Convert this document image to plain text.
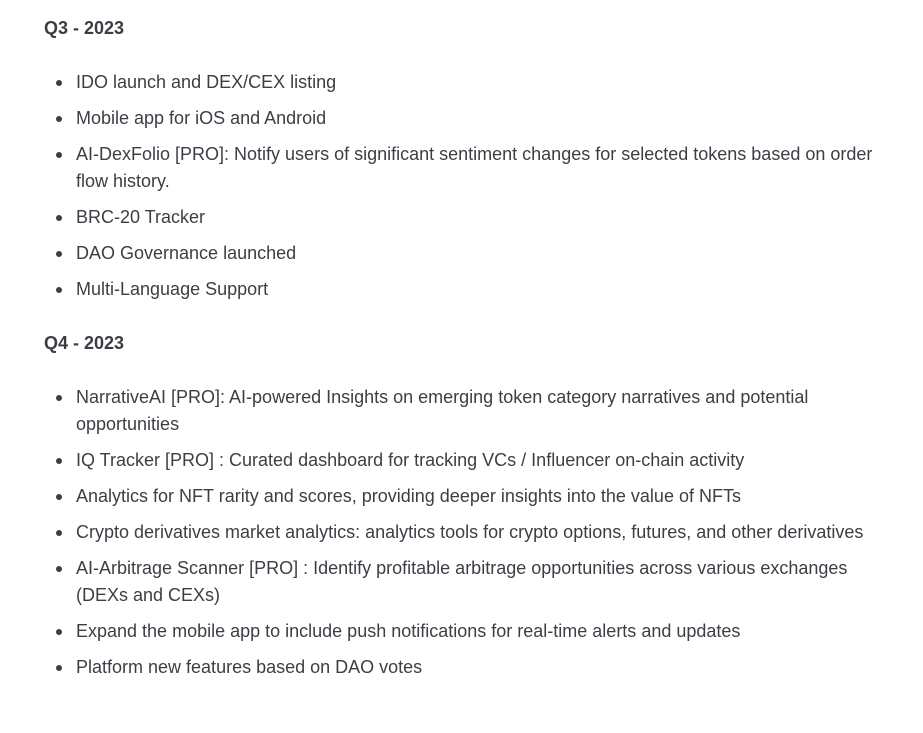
Q3 - 2023
IDO launch and DEX/CEX listing
Mobile app for iOS and Android
AI-DexFolio [PRO]: Notify users of significant sentiment changes for selected tokens based on order flow history.
BRC-20 Tracker
DAO Governance launched
Multi-Language Support
Q4 - 2023
NarrativeAI [PRO]: AI-powered Insights on emerging token category narratives and potential opportunities
IQ Tracker [PRO] : Curated dashboard for tracking VCs / Influencer on-chain activity
Analytics for NFT rarity and scores, providing deeper insights into the value of NFTs
Crypto derivatives market analytics: analytics tools for crypto options, futures, and other derivatives
AI-Arbitrage Scanner [PRO] : Identify profitable arbitrage opportunities across various exchanges (DEXs and CEXs)
Expand the mobile app to include push notifications for real-time alerts and updates
Platform new features based on DAO votes
